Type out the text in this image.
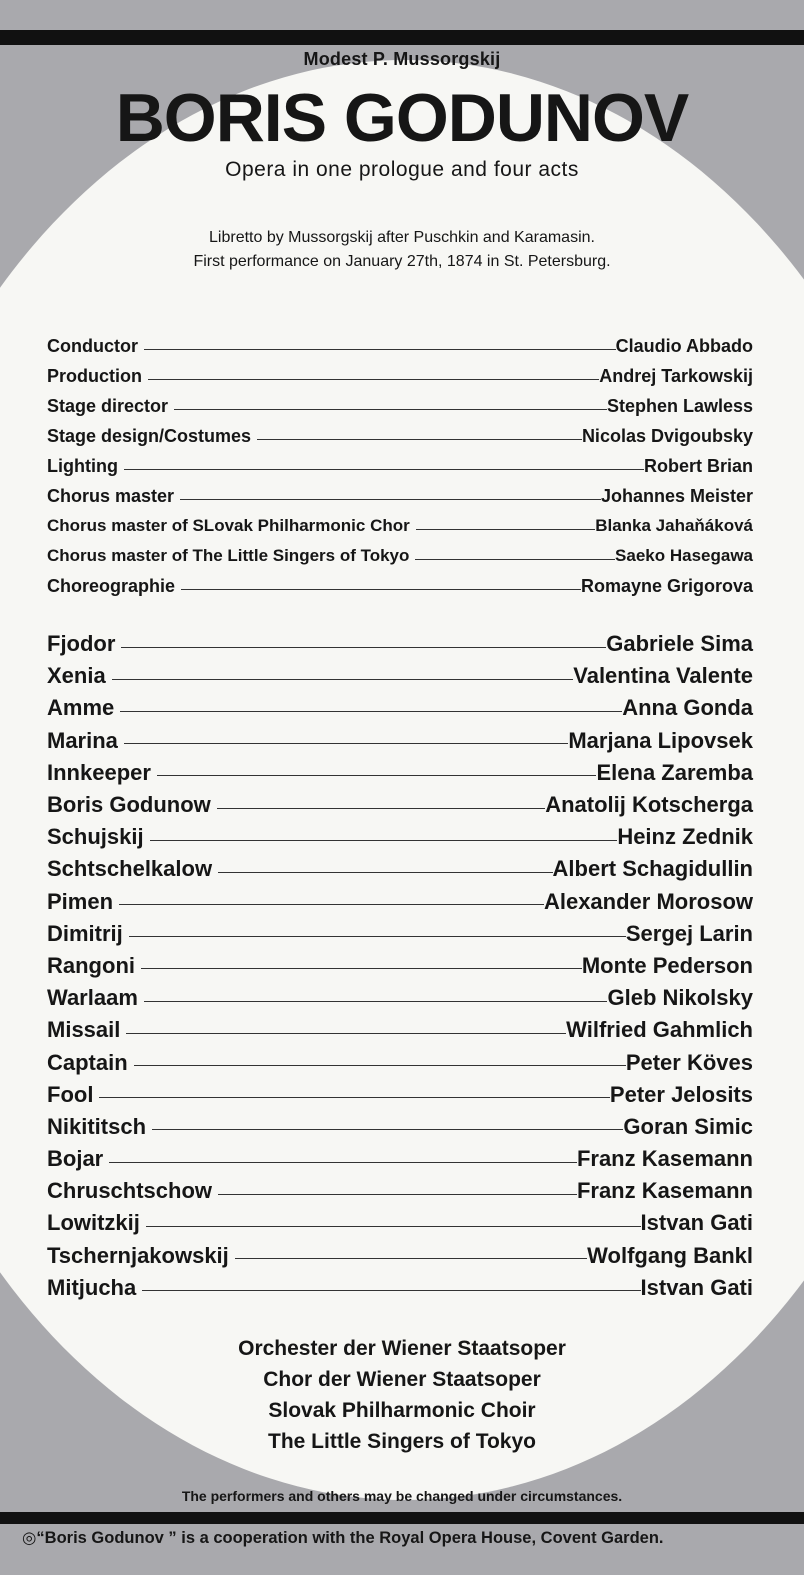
Modest P. Mussorgskij
BORIS GODUNOV
Opera in one prologue and four acts
Libretto by Mussorgskij after Puschkin and Karamasin.
First performance on January 27th, 1874 in St. Petersburg.
Conductor	Claudio Abbado
Production	Andrej Tarkowskij
Stage director	Stephen Lawless
Stage design/Costumes	Nicolas Dvigoubsky
Lighting	Robert Brian
Chorus master	Johannes Meister
Chorus master of SLovak Philharmonic Chor	Blanka Jahaňáková
Chorus master of The Little Singers of Tokyo	Saeko Hasegawa
Choreographie	Romayne Grigorova
Fjodor	Gabriele Sima
Xenia	Valentina Valente
Amme	Anna Gonda
Marina	Marjana Lipovsek
Innkeeper	Elena Zaremba
Boris Godunow	Anatolij Kotscherga
Schujskij	Heinz Zednik
Schtschelkalow	Albert Schagidullin
Pimen	Alexander Morosow
Dimitrij	Sergej Larin
Rangoni	Monte Pederson
Warlaam	Gleb Nikolsky
Missail	Wilfried Gahmlich
Captain	Peter Köves
Fool	Peter Jelosits
Nikititsch	Goran Simic
Bojar	Franz Kasemann
Chruschtschow	Franz Kasemann
Lowitzkij	Istvan Gati
Tschernjakowskij	Wolfgang Bankl
Mitjucha	Istvan Gati
Orchester der Wiener Staatsoper
Chor der Wiener Staatsoper
Slovak Philharmonic Choir
The Little Singers of Tokyo
The performers and others may be changed under circumstances.
◎“Boris Godunov ” is a cooperation with the Royal Opera House, Covent Garden.
